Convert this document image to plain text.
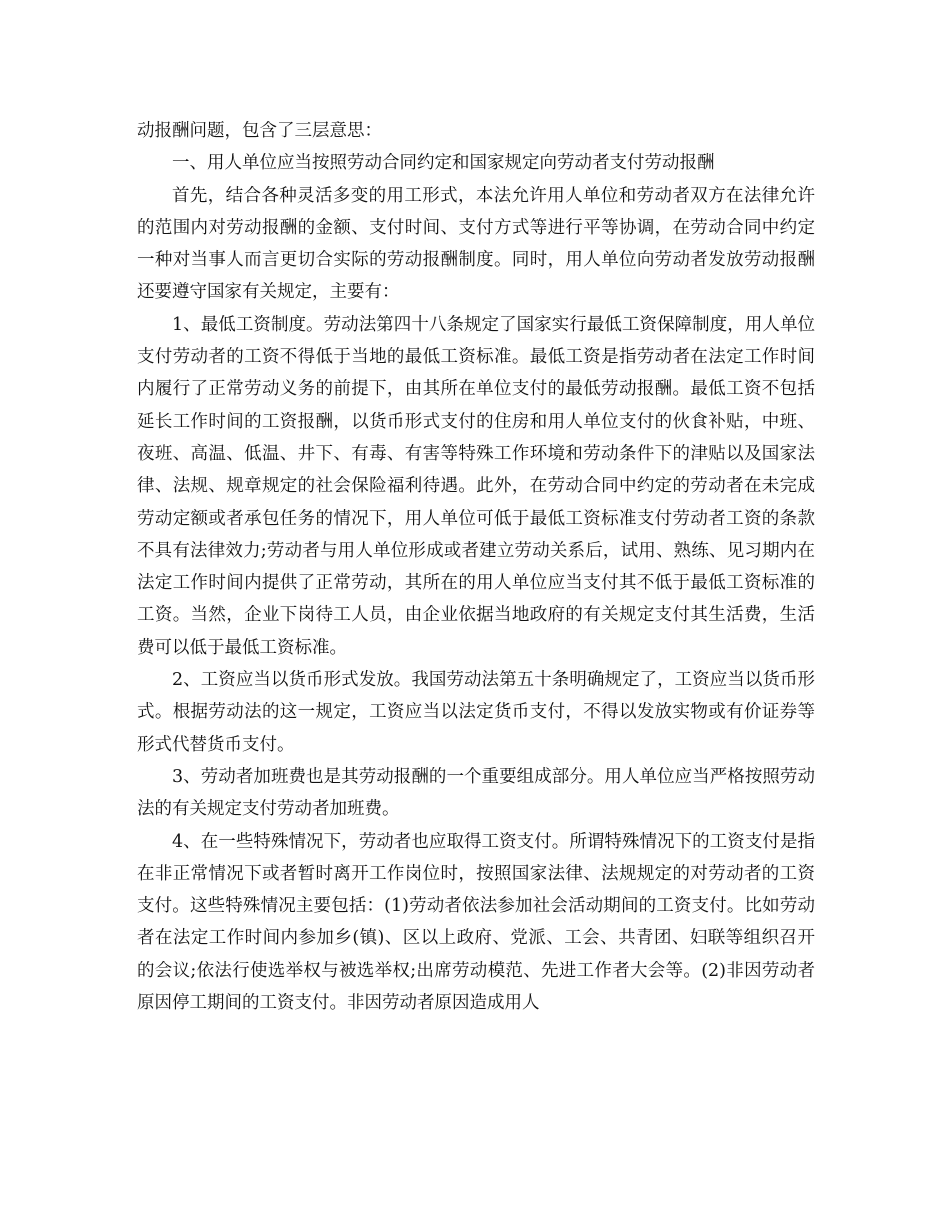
动报酬问题，包含了三层意思：

一、用人单位应当按照劳动合同约定和国家规定向劳动者支付劳动报酬

首先，结合各种灵活多变的用工形式，本法允许用人单位和劳动者双方在法律允许的范围内对劳动报酬的金额、支付时间、支付方式等进行平等协调，在劳动合同中约定一种对当事人而言更切合实际的劳动报酬制度。同时，用人单位向劳动者发放劳动报酬还要遵守国家有关规定，主要有：

1、最低工资制度。劳动法第四十八条规定了国家实行最低工资保障制度，用人单位支付劳动者的工资不得低于当地的最低工资标准。最低工资是指劳动者在法定工作时间内履行了正常劳动义务的前提下，由其所在单位支付的最低劳动报酬。最低工资不包括延长工作时间的工资报酬，以货币形式支付的住房和用人单位支付的伙食补贴，中班、夜班、高温、低温、井下、有毒、有害等特殊工作环境和劳动条件下的津贴以及国家法律、法规、规章规定的社会保险福利待遇。此外，在劳动合同中约定的劳动者在未完成劳动定额或者承包任务的情况下，用人单位可低于最低工资标准支付劳动者工资的条款不具有法律效力;劳动者与用人单位形成或者建立劳动关系后，试用、熟练、见习期内在法定工作时间内提供了正常劳动，其所在的用人单位应当支付其不低于最低工资标准的工资。当然，企业下岗待工人员，由企业依据当地政府的有关规定支付其生活费，生活费可以低于最低工资标准。

2、工资应当以货币形式发放。我国劳动法第五十条明确规定了，工资应当以货币形式。根据劳动法的这一规定，工资应当以法定货币支付，不得以发放实物或有价证券等形式代替货币支付。

3、劳动者加班费也是其劳动报酬的一个重要组成部分。用人单位应当严格按照劳动法的有关规定支付劳动者加班费。

4、在一些特殊情况下，劳动者也应取得工资支付。所谓特殊情况下的工资支付是指在非正常情况下或者暂时离开工作岗位时，按照国家法律、法规规定的对劳动者的工资支付。这些特殊情况主要包括：(1)劳动者依法参加社会活动期间的工资支付。比如劳动者在法定工作时间内参加乡(镇)、区以上政府、党派、工会、共青团、妇联等组织召开的会议;依法行使选举权与被选举权;出席劳动模范、先进工作者大会等。(2)非因劳动者原因停工期间的工资支付。非因劳动者原因造成用人
